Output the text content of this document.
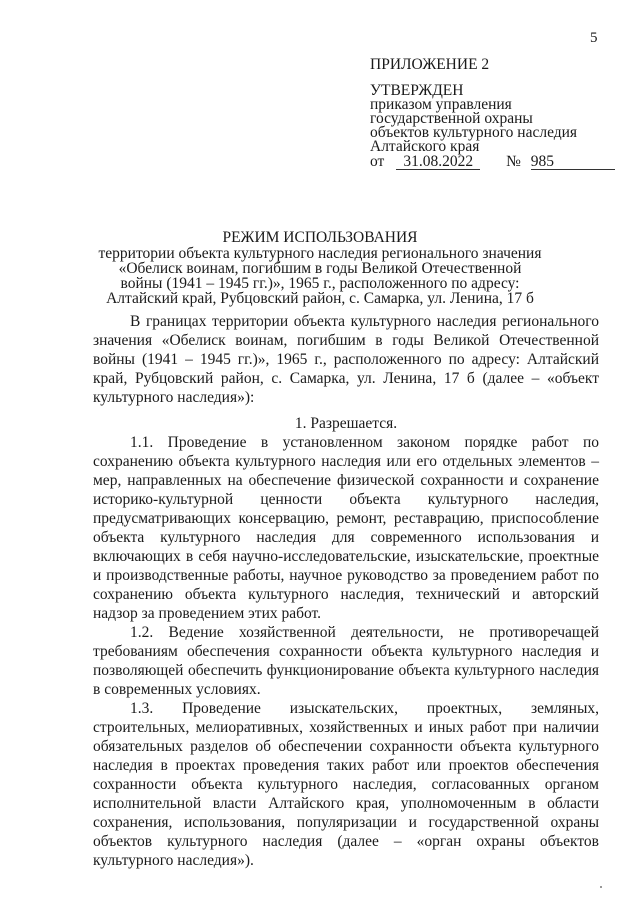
5
ПРИЛОЖЕНИЕ 2
УТВЕРЖДЕН
приказом управления
государственной охраны
объектов культурного наследия
Алтайского края
от 31.08.2022 № 985
РЕЖИМ ИСПОЛЬЗОВАНИЯ
территории объекта культурного наследия регионального значения
«Обелиск воинам, погибшим в годы Великой Отечественной
войны (1941 – 1945 гг.)», 1965 г., расположенного по адресу:
Алтайский край, Рубцовский район, с. Самарка, ул. Ленина, 17 б

В границах территории объекта культурного наследия регионального значения «Обелиск воинам, погибшим в годы Великой Отечественной войны (1941 – 1945 гг.)», 1965 г., расположенного по адресу: Алтайский край, Рубцовский район, с. Самарка, ул. Ленина, 17 б (далее – «объект культурного наследия»):

1. Разрешается.

1.1. Проведение в установленном законом порядке работ по сохранению объекта культурного наследия или его отдельных элементов – мер, направленных на обеспечение физической сохранности и сохранение историко-культурной ценности объекта культурного наследия, предусматривающих консервацию, ремонт, реставрацию, приспособление объекта культурного наследия для современного использования и включающих в себя научно-исследовательские, изыскательские, проектные и производственные работы, научное руководство за проведением работ по сохранению объекта культурного наследия, технический и авторский надзор за проведением этих работ.

1.2. Ведение хозяйственной деятельности, не противоречащей требованиям обеспечения сохранности объекта культурного наследия и позволяющей обеспечить функционирование объекта культурного наследия в современных условиях.

1.3. Проведение изыскательских, проектных, земляных, строительных, мелиоративных, хозяйственных и иных работ при наличии обязательных разделов об обеспечении сохранности объекта культурного наследия в проектах проведения таких работ или проектов обеспечения сохранности объекта культурного наследия, согласованных органом исполнительной власти Алтайского края, уполномоченным в области сохранения, использования, популяризации и государственной охраны объектов культурного наследия (далее – «орган охраны объектов культурного наследия»).
